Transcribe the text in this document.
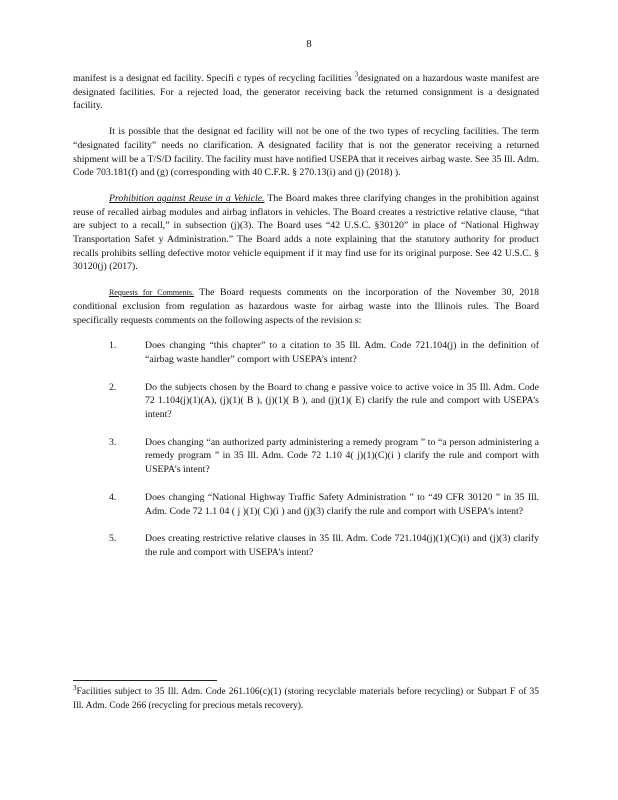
8

manifest is a designat ed facility. Specifi c types of recycling facilities $^3$designated on a hazardous waste manifest are designated facilities. For a rejected load, the generator receiving back the returned consignment is a designated facility.

It is possible that the designat ed facility will not be one of the two types of recycling facilities. The term “designated facility” needs no clarification. A designated facility that is not the generator receiving a returned shipment will be a T/S/D facility. The facility must have notified USEPA that it receives airbag waste. See 35 Ill. Adm. Code 703.181(f) and (g) (corresponding with 40 C.F.R. § 270.13(i) and (j) (2018) ).

Prohibition against Reuse in a Vehicle. The Board makes three clarifying changes in the prohibition against reuse of recalled airbag modules and airbag inflators in vehicles. The Board creates a restrictive relative clause, “that are subject to a recall,” in subsection (j)(3). The Board uses “42 U.S.C. §30120” in place of “National Highway Transportation Safet y Administration.” The Board adds a note explaining that the statutory authority for product recalls prohibits selling defective motor vehicle equipment if it may find use for its original purpose. See 42 U.S.C. § 30120(j) (2017).

Requests for Comments. The Board requests comments on the incorporation of the November 30, 2018 conditional exclusion from regulation as hazardous waste for airbag waste into the Illinois rules. The Board specifically requests comments on the following aspects of the revision s:

1.	Does changing “this chapter” to a citation to 35 Ill. Adm. Code 721.104(j) in the definition of “airbag waste handler” comport with USEPA’s intent?
2.	Do the subjects chosen by the Board to chang e passive voice to active voice in 35 Ill. Adm. Code 72 1.104(j)(1)(A), (j)(1)( B ), (j)(1)( B ), and (j)(1)( E) clarify the rule and comport with USEPA’s intent?
3.	Does changing “an authorized party administering a remedy program ” to “a person administering a remedy program ” in 35 Ill. Adm. Code 72 1.10 4( j)(1)(C)(i ) clarify the rule and comport with USEPA’s intent?
4.	Does changing “National Highway Traffic Safety Administration ” to “49 CFR 30120 ” in 35 Ill. Adm. Code 72 1.1 04 ( j )(1)( C)(i ) and (j)(3) clarify the rule and comport with USEPA’s intent?
5.	Does creating restrictive relative clauses in 35 Ill. Adm. Code 721.104(j)(1)(C)(i) and (j)(3) clarify the rule and comport with USEPA’s intent?
$^3$Facilities subject to 35 Ill. Adm. Code 261.106(c)(1) (storing recyclable materials before recycling) or Subpart F of 35 Ill. Adm. Code 266 (recycling for precious metals recovery).
